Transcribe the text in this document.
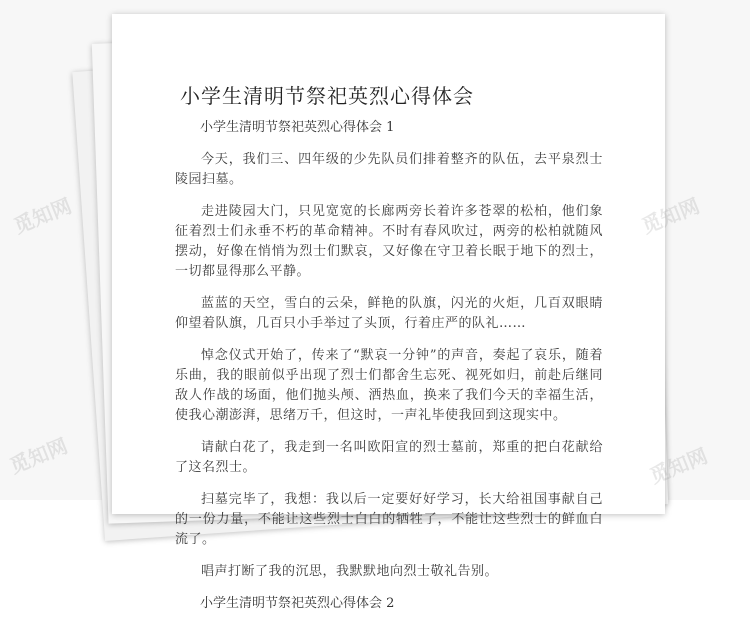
觅知网	觅知网
觅知网	觅知网
小学生清明节祭祀英烈心得体会
小学生清明节祭祀英烈心得体会 1

今天，我们三、四年级的少先队员们排着整齐的队伍，去平泉烈士陵园扫墓。

走进陵园大门，只见宽宽的长廊两旁长着许多苍翠的松柏，他们象征着烈士们永垂不朽的革命精神。不时有春风吹过，两旁的松柏就随风摆动，好像在悄悄为烈士们默哀，又好像在守卫着长眠于地下的烈士，一切都显得那么平静。

蓝蓝的天空，雪白的云朵，鲜艳的队旗，闪光的火炬，几百双眼睛仰望着队旗，几百只小手举过了头顶，行着庄严的队礼……

悼念仪式开始了，传来了“默哀一分钟”的声音，奏起了哀乐，随着乐曲，我的眼前似乎出现了烈士们都舍生忘死、视死如归，前赴后继同敌人作战的场面，他们抛头颅、洒热血，换来了我们今天的幸福生活，使我心潮澎湃，思绪万千，但这时，一声礼毕使我回到这现实中。

请献白花了，我走到一名叫欧阳宣的烈士墓前，郑重的把白花献给了这名烈士。

扫墓完毕了，我想：我以后一定要好好学习，长大给祖国事献自己的一份力量，不能让这些烈士白白的牺牲了，不能让这些烈士的鲜血白流了。

唱声打断了我的沉思，我默默地向烈士敬礼告别。

小学生清明节祭祀英烈心得体会 2
